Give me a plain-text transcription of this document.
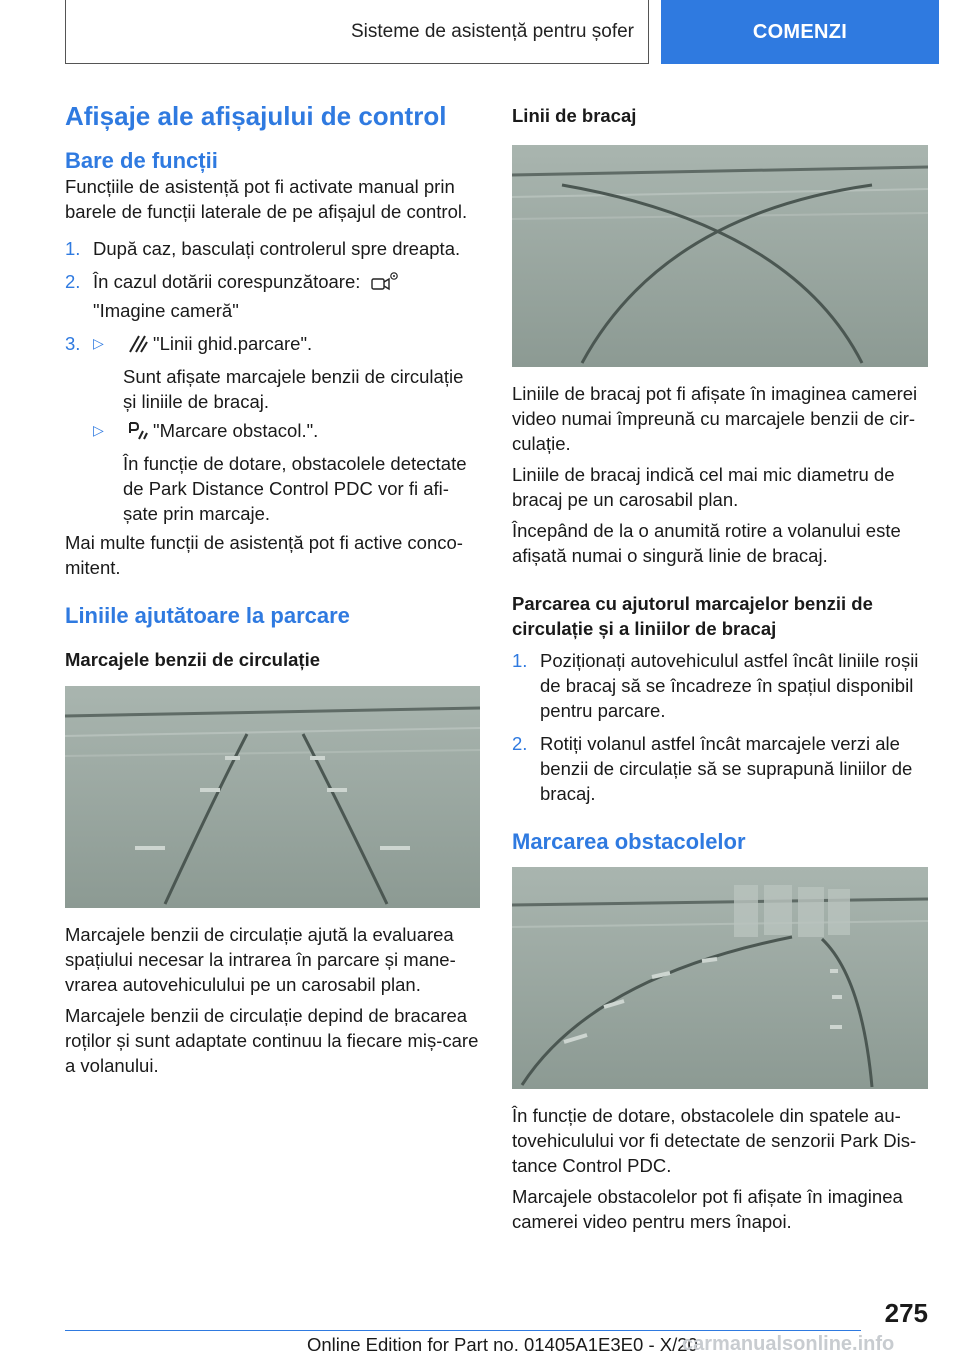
Sisteme de asistență pentru șofer	COMENZI
Afișaje ale afișajului de control
Bare de funcții

Funcțiile de asistență pot fi activate manual prin barele de funcții laterale de pe afișajul de control.

1. După caz, basculați controlerul spre dreapta.
2. În cazul dotării corespunzătoare:
"Imagine cameră"
3. ▷	"Linii ghid.parcare".

Sunt afișate marcajele benzii de circulație și liniile de bracaj.

▷	"Marcare obstacol.".

În funcție de dotare, obstacolele detectate de Park Distance Control PDC vor fi afi-șate prin marcaje.

Mai multe funcții de asistență pot fi active conco-mitent.

Liniile ajutătoare la parcare
Marcajele benzii de circulație

Marcajele benzii de circulație ajută la evaluarea spațiului necesar la intrarea în parcare și mane-vrarea autovehiculului pe un carosabil plan.

Marcajele benzii de circulație depind de bracarea roților și sunt adaptate continuu la fiecare miș-care a volanului.

Linii de bracaj

Liniile de bracaj pot fi afișate în imaginea camerei video numai împreună cu marcajele benzii de cir-culație.

Liniile de bracaj indică cel mai mic diametru de bracaj pe un carosabil plan.

Începând de la o anumită rotire a volanului este afișată numai o singură linie de bracaj.

Parcarea cu ajutorul marcajelor benzii de circulație și a liniilor de bracaj
1. Poziționați autovehiculul astfel încât liniile roșii de bracaj să se încadreze în spațiul disponibil pentru parcare.
2. Rotiți volanul astfel încât marcajele verzi ale benzii de circulație să se suprapună liniilor de bracaj.
Marcarea obstacolelor

În funcție de dotare, obstacolele din spatele au-tovehiculului vor fi detectate de senzorii Park Dis-tance Control PDC.

Marcajele obstacolelor pot fi afișate în imaginea camerei video pentru mers înapoi.

275
Online Edition for Part no. 01405A1E3E0 - X/20
carmanualsonline.info
